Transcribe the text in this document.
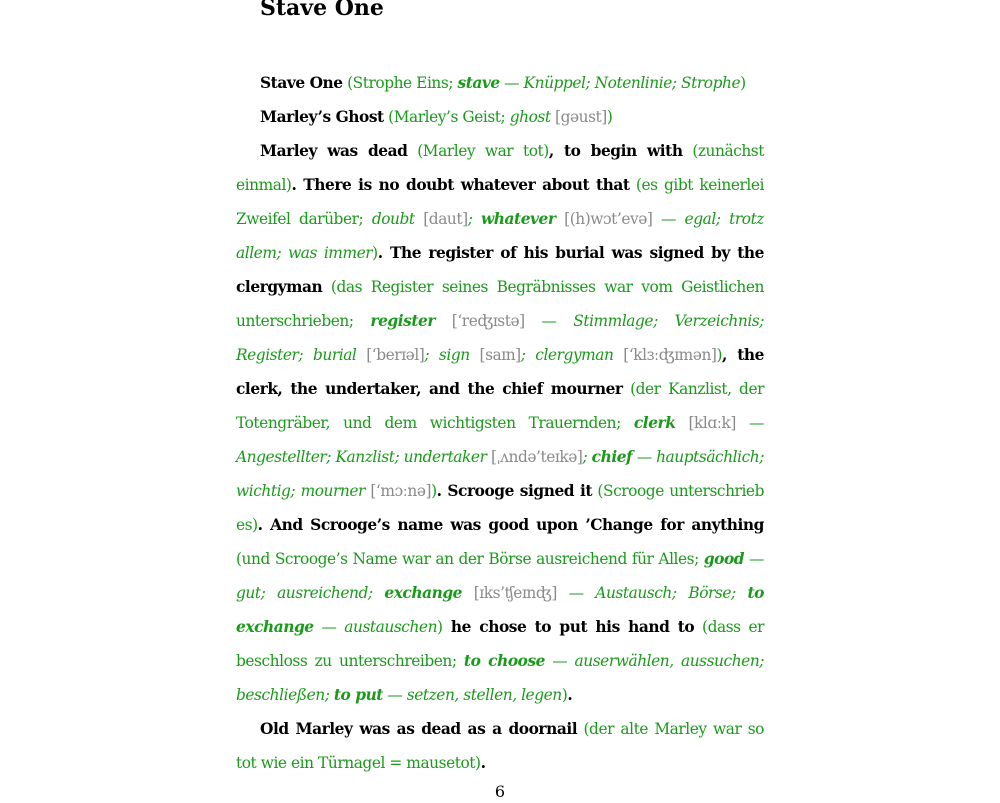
Stave One

Stave One (Strophe Eins; stave — Knüppel; Notenlinie; Strophe)

Marley’s Ghost (Marley’s Geist; ghost [gəust])

Marley was dead (Marley war tot), to begin with (zunächst einmal). There is no doubt whatever about that (es gibt keinerlei Zweifel darüber; doubt [daut]; whatever [(h)wɔt’evə] — egal; trotz allem; was immer). The register of his burial was signed by the clergyman (das Register seines Begräbnisses war vom Geistlichen unterschrieben; register [‘reʤɪstə] — Stimmlage; Verzeichnis; Register; burial [‘berɪəl]; sign [saɪn]; clergyman [‘klɜːʤɪmən]), the clerk, the undertaker, and the chief mourner (der Kanzlist, der Totengräber, und dem wichtigsten Trauernden; clerk [klɑːk] — Angestellter; Kanzlist; undertaker [ˌʌndə’teɪkə]; chief — hauptsächlich; wichtig; mourner [‘mɔːnə]). Scrooge signed it (Scrooge unterschrieb es). And Scrooge’s name was good upon ’Change for anything (und Scrooge’s Name war an der Börse ausreichend für Alles; good — gut; ausreichend; exchange [ɪks’ʧeɪnʤ] — Austausch; Börse; to exchange — austauschen) he chose to put his hand to (dass er beschloss zu unterschreiben; to choose — auserwählen, aussuchen; beschließen; to put — setzen, stellen, legen).

Old Marley was as dead as a doornail (der alte Marley war so tot wie ein Türnagel = mausetot).

6
